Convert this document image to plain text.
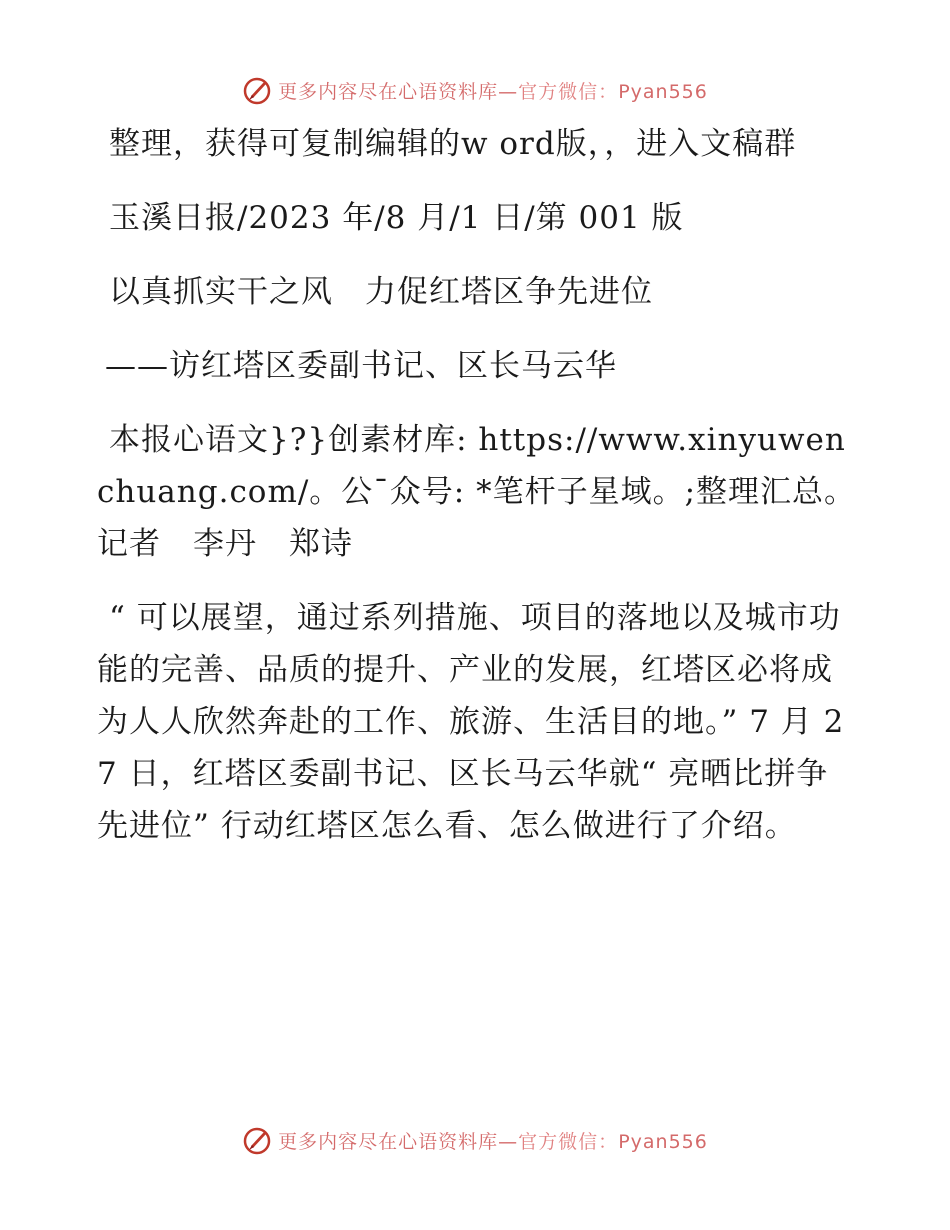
更多内容尽在心语资料库—官方微信：Pyan556

整理，获得可复制编辑的w ord版，，进入文稿群

玉溪日报/2023 年/8 月/1 日/第 001 版

以真抓实干之风　力促红塔区争先进位

——访红塔区委副书记、区长马云华

本报心语文}?}创素材库: https://www.xinyuwenchuang.com/。公¯众号: *笔杆子星域。;整理汇总。记者　李丹　郑诗

“ 可以展望，通过系列措施、项目的落地以及城市功能的完善、品质的提升、产业的发展，红塔区必将成为人人欣然奔赴的工作、旅游、生活目的地。” 7 月 27 日，红塔区委副书记、区长马云华就“ 亮晒比拼争先进位” 行动红塔区怎么看、怎么做进行了介绍。

更多内容尽在心语资料库—官方微信：Pyan556
